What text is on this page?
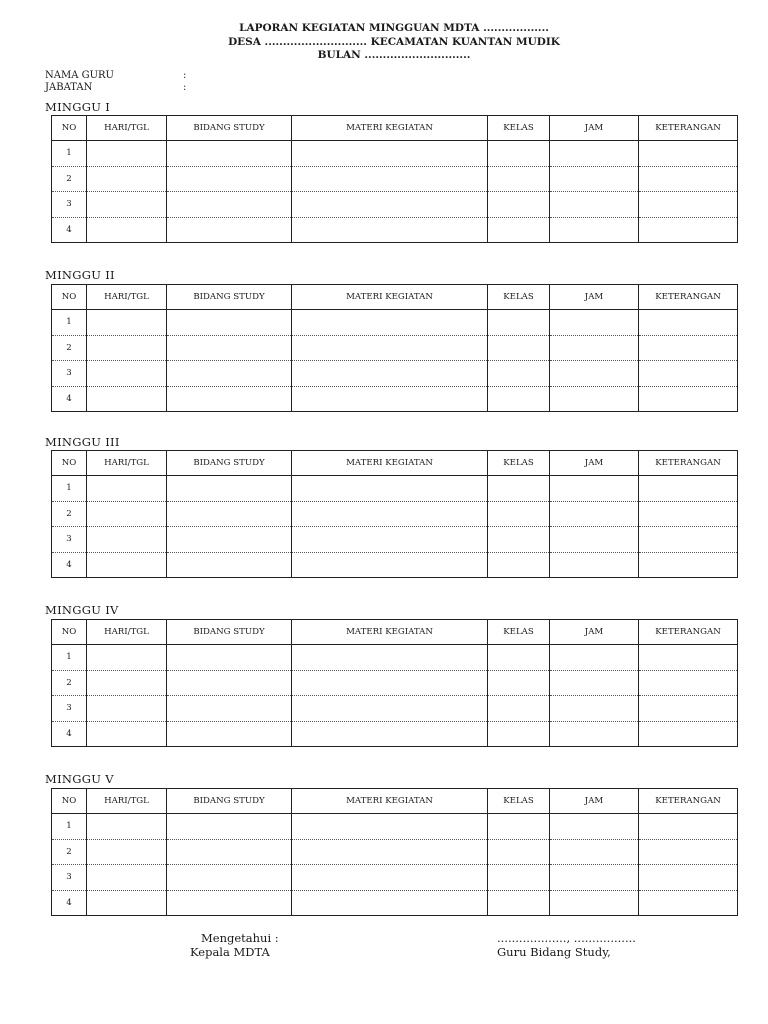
LAPORAN KEGIATAN MINGGUAN MDTA ..................
DESA ............................ KECAMATAN KUANTAN MUDIK
BULAN .............................
NAMA GURU	:
JABATAN	:
MINGGU I
NO	HARI/TGL	BIDANG STUDY	MATERI KEGIATAN	KELAS	JAM	KETERANGAN
1						
2						
3						
4						
MINGGU II
NO	HARI/TGL	BIDANG STUDY	MATERI KEGIATAN	KELAS	JAM	KETERANGAN
1						
2						
3						
4						
MINGGU III
NO	HARI/TGL	BIDANG STUDY	MATERI KEGIATAN	KELAS	JAM	KETERANGAN
1						
2						
3						
4						
MINGGU IV
NO	HARI/TGL	BIDANG STUDY	MATERI KEGIATAN	KELAS	JAM	KETERANGAN
1						
2						
3						
4						
MINGGU V
NO	HARI/TGL	BIDANG STUDY	MATERI KEGIATAN	KELAS	JAM	KETERANGAN
1						
2						
3						
4						
Mengetahui :
Kepala MDTA
..................., .................
Guru Bidang Study,
